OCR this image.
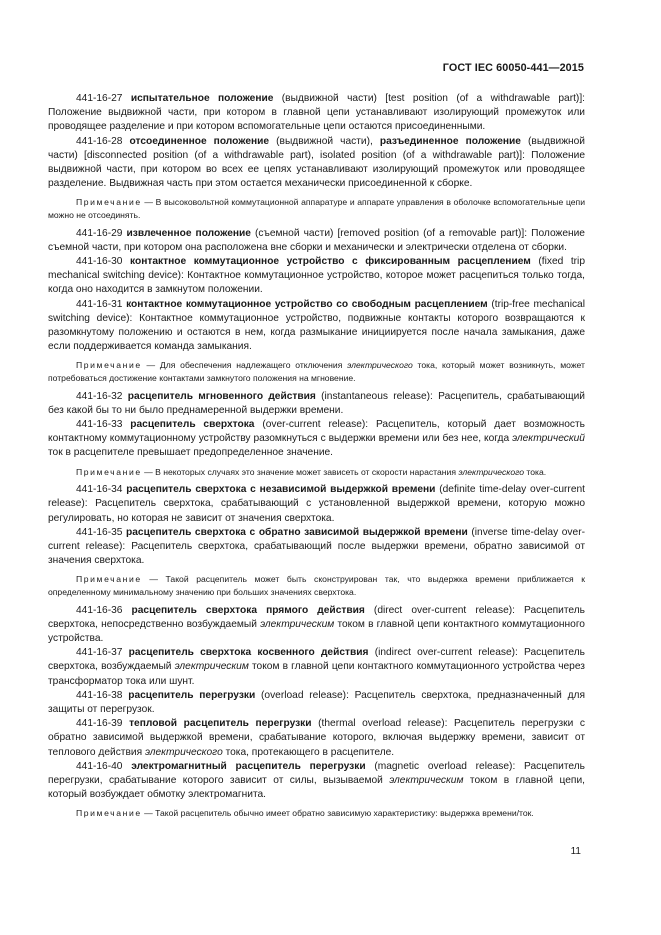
ГОСТ IEC 60050-441—2015

441-16-27 испытательное положение (выдвижной части) [test position (of a withdrawable part)]: Положение выдвижной части, при котором в главной цепи устанавливают изолирующий промежуток или проводящее разделение и при котором вспомогательные цепи остаются присоединенными.

441-16-28 отсоединенное положение (выдвижной части), разъединенное положение (выдвижной части) [disconnected position (of a withdrawable part), isolated position (of a withdrawable part)]: Положение выдвижной части, при котором во всех ее цепях устанавливают изолирующий промежуток или проводящее разделение. Выдвижная часть при этом остается механически присоединенной к сборке.

Примечание — В высоковольтной коммутационной аппаратуре и аппарате управления в оболочке вспомогательные цепи можно не отсоединять.

441-16-29 извлеченное положение (съемной части) [removed position (of a removable part)]: Положение съемной части, при котором она расположена вне сборки и механически и электрически отделена от сборки.

441-16-30 контактное коммутационное устройство с фиксированным расцеплением (fixed trip mechanical switching device): Контактное коммутационное устройство, которое может расцепиться только тогда, когда оно находится в замкнутом положении.

441-16-31 контактное коммутационное устройство со свободным расцеплением (trip-free mechanical switching device): Контактное коммутационное устройство, подвижные контакты которого возвращаются к разомкнутому положению и остаются в нем, когда размыкание инициируется после начала замыкания, даже если поддерживается команда замыкания.

Примечание — Для обеспечения надлежащего отключения электрического тока, который может возникнуть, может потребоваться достижение контактами замкнутого положения на мгновение.

441-16-32 расцепитель мгновенного действия (instantaneous release): Расцепитель, срабатывающий без какой бы то ни было преднамеренной выдержки времени.

441-16-33 расцепитель сверхтока (over-current release): Расцепитель, который дает возможность контактному коммутационному устройству разомкнуться с выдержки времени или без нее, когда электрический ток в расцепителе превышает предопределенное значение.

Примечание — В некоторых случаях это значение может зависеть от скорости нарастания электрического тока.

441-16-34 расцепитель сверхтока с независимой выдержкой времени (definite time-delay over-current release): Расцепитель сверхтока, срабатывающий с установленной выдержкой времени, которую можно регулировать, но которая не зависит от значения сверхтока.

441-16-35 расцепитель сверхтока с обратно зависимой выдержкой времени (inverse time-delay over-current release): Расцепитель сверхтока, срабатывающий после выдержки времени, обратно зависимой от значения сверхтока.

Примечание — Такой расцепитель может быть сконструирован так, что выдержка времени приближается к определенному минимальному значению при больших значениях сверхтока.

441-16-36 расцепитель сверхтока прямого действия (direct over-current release): Расцепитель сверхтока, непосредственно возбуждаемый электрическим током в главной цепи контактного коммутационного устройства.

441-16-37 расцепитель сверхтока косвенного действия (indirect over-current release): Расцепитель сверхтока, возбуждаемый электрическим током в главной цепи контактного коммутационного устройства через трансформатор тока или шунт.

441-16-38 расцепитель перегрузки (overload release): Расцепитель сверхтока, предназначенный для защиты от перегрузок.

441-16-39 тепловой расцепитель перегрузки (thermal overload release): Расцепитель перегрузки с обратно зависимой выдержкой времени, срабатывание которого, включая выдержку времени, зависит от теплового действия электрического тока, протекающего в расцепителе.

441-16-40 электромагнитный расцепитель перегрузки (magnetic overload release): Расцепитель перегрузки, срабатывание которого зависит от силы, вызываемой электрическим током в главной цепи, который возбуждает обмотку электромагнита.

Примечание — Такой расцепитель обычно имеет обратно зависимую характеристику: выдержка времени/ток.

11
